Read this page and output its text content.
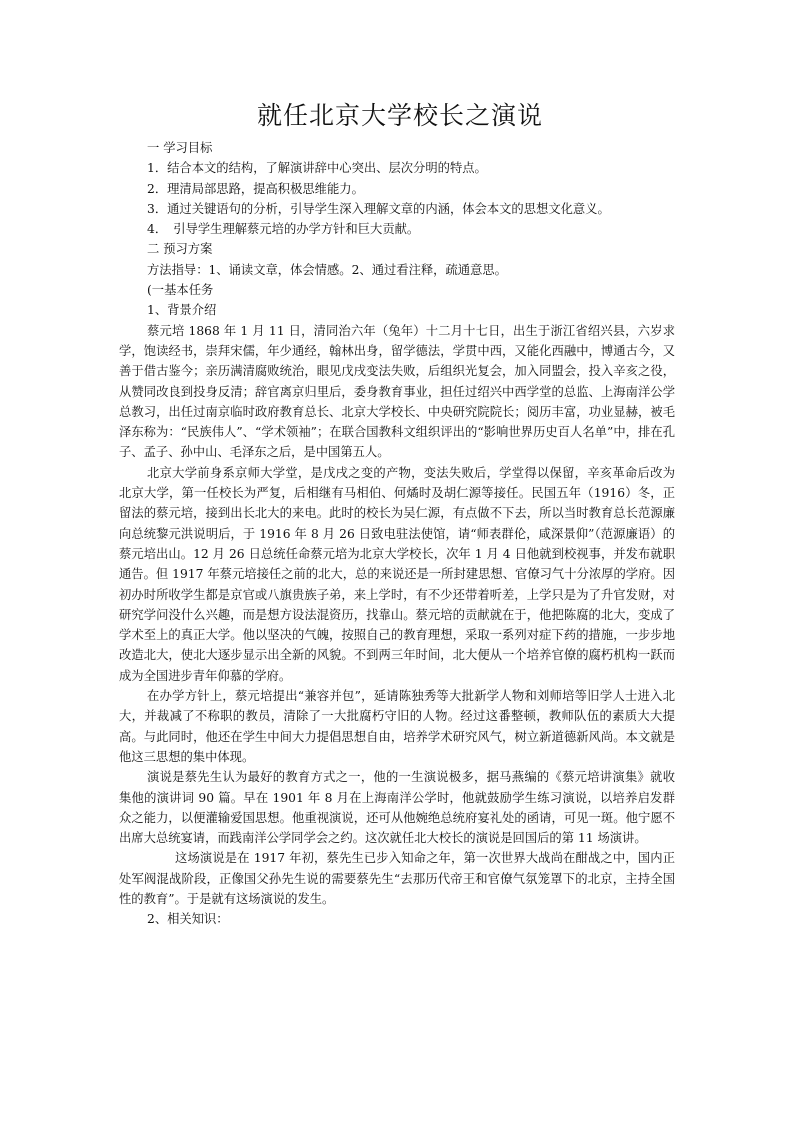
就任北京大学校长之演说

一 学习目标

1．结合本文的结构，了解演讲辞中心突出、层次分明的特点。

2．理清局部思路，提高积极思维能力。

3．通过关键语句的分析，引导学生深入理解文章的内涵，体会本文的思想文化意义。

4．　引导学生理解蔡元培的办学方针和巨大贡献。

二 预习方案

方法指导：1、诵读文章，体会情感。2、通过看注释，疏通意思。

(一基本任务

1、背景介绍

蔡元培 1868 年 1 月 11 日，清同治六年（兔年）十二月十七日，出生于浙江省绍兴县，六岁求学，饱读经书，崇拜宋儒，年少通经，翰林出身，留学德法，学贯中西，又能化西融中，博通古今，又善于借古鉴今；亲历满清腐败统治，眼见戊戌变法失败，后组织光复会，加入同盟会，投入辛亥之役，从赞同改良到投身反清；辞官离京归里后，委身教育事业，担任过绍兴中西学堂的总监、上海南洋公学总教习，出任过南京临时政府教育总长、北京大学校长、中央研究院院长；阅历丰富，功业显赫，被毛泽东称为：“民族伟人”、“学术领袖”；在联合国教科文组织评出的“影响世界历史百人名单”中，排在孔子、孟子、孙中山、毛泽东之后，是中国第五人。

北京大学前身系京师大学堂，是戊戌之变的产物，变法失败后，学堂得以保留，辛亥革命后改为北京大学，第一任校长为严复，后相继有马相伯、何燏时及胡仁源等接任。民国五年（1916）冬，正留法的蔡元培，接到出长北大的来电。此时的校长为吴仁源，有点做不下去，所以当时教育总长范源廉向总统黎元洪说明后，于 1916 年 8 月 26 日致电驻法使馆，请“师表群伦，咸深景仰”（范源廉语）的蔡元培出山。12 月 26 日总统任命蔡元培为北京大学校长，次年 1 月 4 日他就到校视事，并发布就职通告。但 1917 年蔡元培接任之前的北大，总的来说还是一所封建思想、官僚习气十分浓厚的学府。因初办时所收学生都是京官或八旗贵族子弟，来上学时，有不少还带着听差，上学只是为了升官发财，对研究学问没什么兴趣，而是想方设法混资历，找靠山。蔡元培的贡献就在于，他把陈腐的北大，变成了学术至上的真正大学。他以坚决的气魄，按照自己的教育理想，采取一系列对症下药的措施，一步步地改造北大，使北大逐步显示出全新的风貌。不到两三年时间，北大便从一个培养官僚的腐朽机构一跃而成为全国进步青年仰慕的学府。

在办学方针上，蔡元培提出“兼容并包”，延请陈独秀等大批新学人物和刘师培等旧学人士进入北大，并裁减了不称职的教员，清除了一大批腐朽守旧的人物。经过这番整顿，教师队伍的素质大大提高。与此同时，他还在学生中间大力提倡思想自由，培养学术研究风气，树立新道德新风尚。本文就是他这三思想的集中体现。

演说是蔡先生认为最好的教育方式之一，他的一生演说极多，据马燕编的《蔡元培讲演集》就收集他的演讲词 90 篇。早在 1901 年 8 月在上海南洋公学时，他就鼓励学生练习演说，以培养启发群众之能力，以便灌输爱国思想。他重视演说，还可从他婉绝总统府宴礼处的函请，可见一斑。他宁愿不出席大总统宴请，而践南洋公学同学会之约。这次就任北大校长的演说是回国后的第 11 场演讲。

这场演说是在 1917 年初，蔡先生已步入知命之年，第一次世界大战尚在酣战之中，国内正处军阀混战阶段，正像国父孙先生说的需要蔡先生“去那历代帝王和官僚气氛笼罩下的北京，主持全国性的教育”。于是就有这场演说的发生。

2、相关知识：
